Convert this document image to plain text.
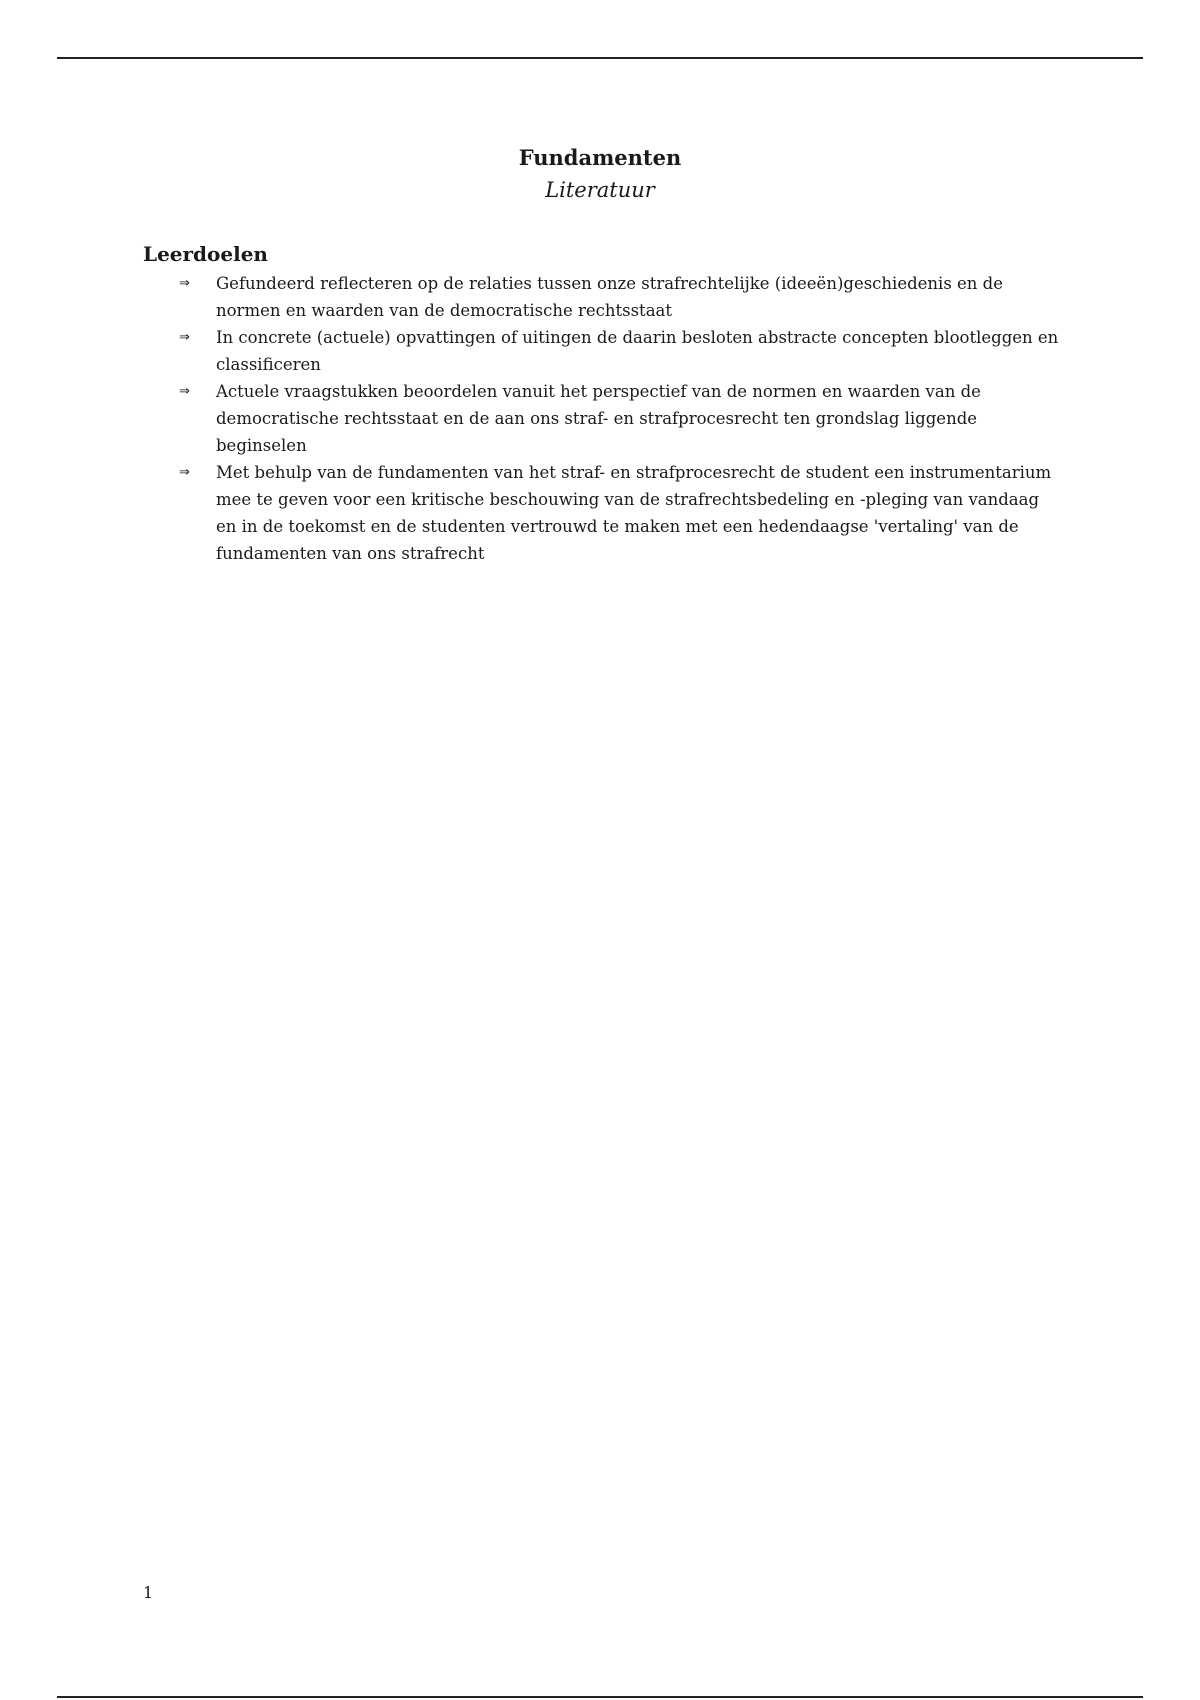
Fundamenten
Literatuur
Leerdoelen
⇒ Gefundeerd reflecteren op de relaties tussen onze strafrechtelijke (ideeën)geschiedenis en de normen en waarden van de democratische rechtsstaat
⇒ In concrete (actuele) opvattingen of uitingen de daarin besloten abstracte concepten blootleggen en classificeren
⇒ Actuele vraagstukken beoordelen vanuit het perspectief van de normen en waarden van de democratische rechtsstaat en de aan ons straf- en strafprocesrecht ten grondslag liggende beginselen
⇒ Met behulp van de fundamenten van het straf- en strafprocesrecht de student een instrumentarium mee te geven voor een kritische beschouwing van de strafrechtsbedeling en -pleging van vandaag en in de toekomst en de studenten vertrouwd te maken met een hedendaagse 'vertaling' van de fundamenten van ons strafrecht
1
